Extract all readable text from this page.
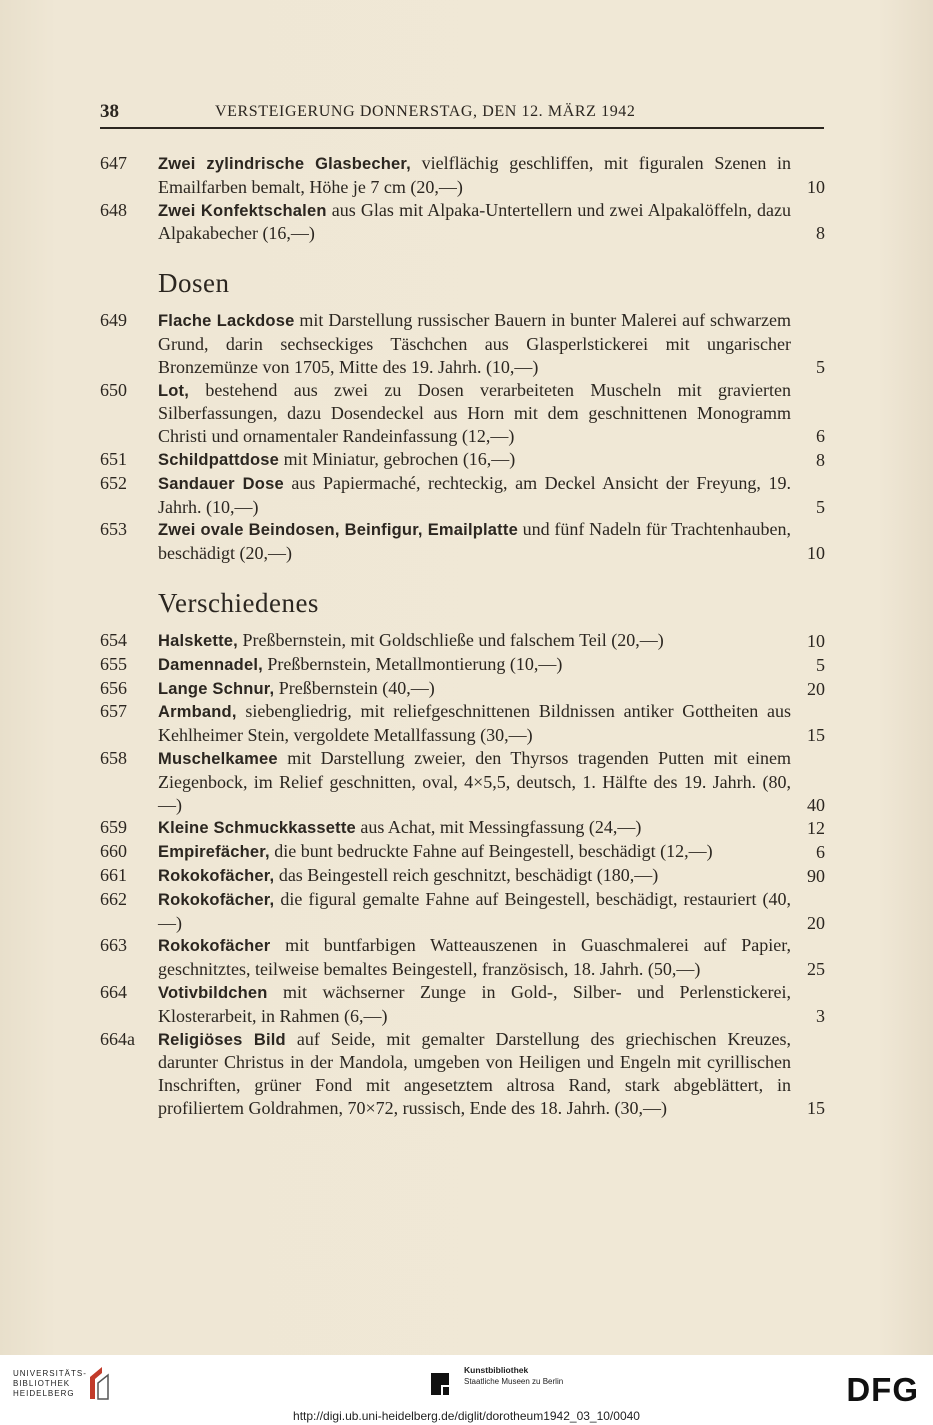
38	VERSTEIGERUNG DONNERSTAG, DEN 12. MÄRZ 1942
647 Zwei zylindrische Glasbecher, vielflächig geschliffen, mit figuralen Szenen in Emailfarben bemalt, Höhe je 7 cm (20,—)	10
648 Zwei Konfektschalen aus Glas mit Alpaka-Untertellern und zwei Alpakalöffeln, dazu Alpakabecher (16,—)	8
Dosen
649 Flache Lackdose mit Darstellung russischer Bauern in bunter Malerei auf schwarzem Grund, darin sechseckiges Täschchen aus Glasperlstickerei mit ungarischer Bronzemünze von 1705, Mitte des 19. Jahrh. (10,—)	5
650 Lot, bestehend aus zwei zu Dosen verarbeiteten Muscheln mit gravierten Silberfassungen, dazu Dosendeckel aus Horn mit dem geschnittenen Monogramm Christi und ornamentaler Randeinfassung (12,—)	6
651 Schildpattdose mit Miniatur, gebrochen (16,—)	8
652 Sandauer Dose aus Papiermaché, rechteckig, am Deckel Ansicht der Freyung, 19. Jahrh. (10,—)	5
653 Zwei ovale Beindosen, Beinfigur, Emailplatte und fünf Nadeln für Trachtenhauben, beschädigt (20,—)	10
Verschiedenes
654 Halskette, Preßbernstein, mit Goldschließe und falschem Teil (20,—)	10
655 Damennadel, Preßbernstein, Metallmontierung (10,—)	5
656 Lange Schnur, Preßbernstein (40,—)	20
657 Armband, siebengliedrig, mit reliefgeschnittenen Bildnissen antiker Gottheiten aus Kehlheimer Stein, vergoldete Metallfassung (30,—)	15
658 Muschelkamee mit Darstellung zweier, den Thyrsos tragenden Putten mit einem Ziegenbock, im Relief geschnitten, oval, 4×5,5, deutsch, 1. Hälfte des 19. Jahrh. (80,—)	40
659 Kleine Schmuckkassette aus Achat, mit Messingfassung (24,—)	12
660 Empirefächer, die bunt bedruckte Fahne auf Beingestell, beschädigt (12,—)	6
661 Rokokofächer, das Beingestell reich geschnitzt, beschädigt (180,—)	90
662 Rokokofächer, die figural gemalte Fahne auf Beingestell, beschädigt, restauriert (40,—)	20
663 Rokokofächer mit buntfarbigen Watteauszenen in Guaschmalerei auf Papier, geschnitztes, teilweise bemaltes Beingestell, französisch, 18. Jahrh. (50,—)	25
664 Votivbildchen mit wächserner Zunge in Gold-, Silber- und Perlenstickerei, Klosterarbeit, in Rahmen (6,—)	3
664a Religiöses Bild auf Seide, mit gemalter Darstellung des griechischen Kreuzes, darunter Christus in der Mandola, umgeben von Heiligen und Engeln mit cyrillischen Inschriften, grüner Fond mit angesetztem altrosa Rand, stark abgeblättert, in profiliertem Goldrahmen, 70×72, russisch, Ende des 18. Jahrh. (30,—)	15
UNIVERSITÄTS-
BIBLIOTHEK
HEIDELBERG
Kunstbibliothek
Staatliche Museen zu Berlin	DFG
http://digi.ub.uni-heidelberg.de/diglit/dorotheum1942_03_10/0040
